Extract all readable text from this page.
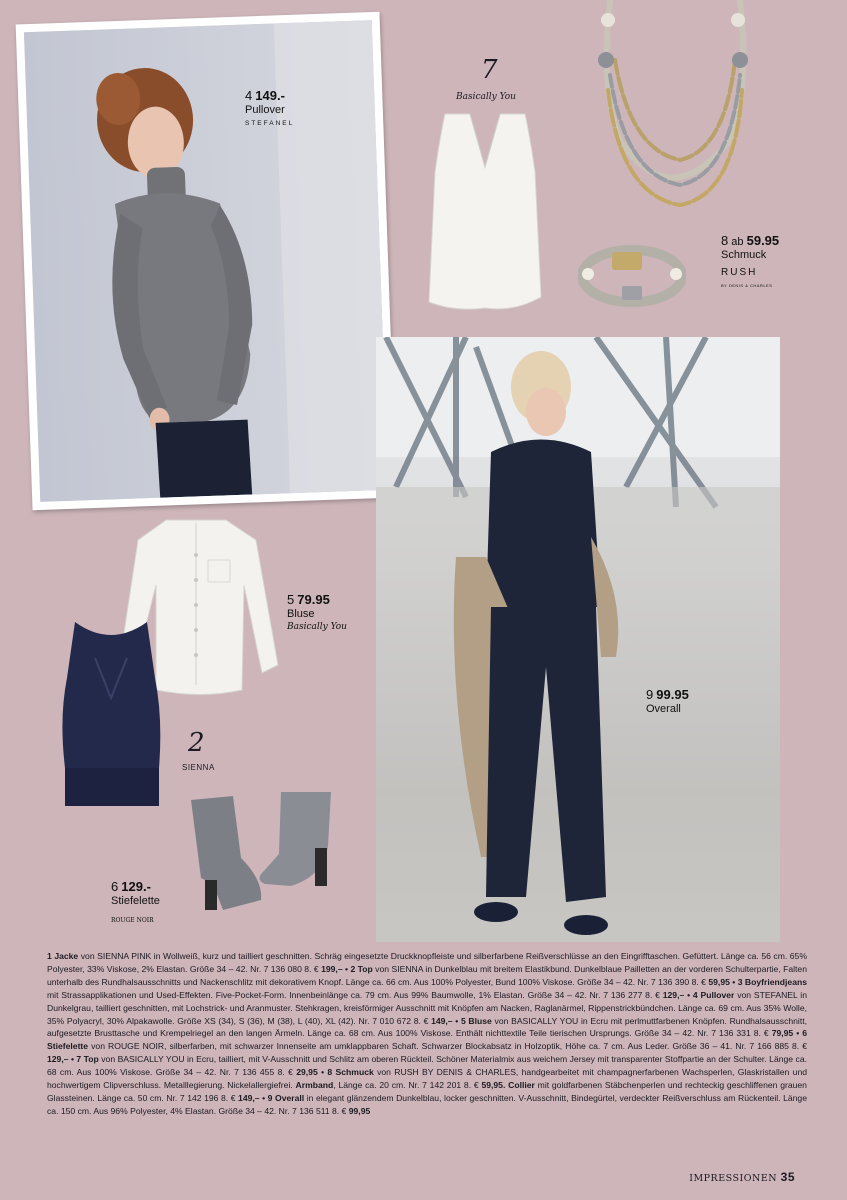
4 149.-
Pullover
STEFANEL
7
Basically You
8 ab 59.95
Schmuck
RUSH
BY DENIS & CHARLES
5 79.95
Bluse
Basically You
2
SIENNA
6 129.-
Stiefelette
ROUGE NOIR
9 99.95
Overall
1 Jacke von SIENNA PINK in Wollweiß, kurz und tailliert geschnitten. Schräg eingesetzte Druckknopfleiste und silberfarbene Reißverschlüsse an den Eingrifftaschen. Gefüttert. Länge ca. 56 cm. 65% Polyester, 33% Viskose, 2% Elastan. Größe 34 – 42. Nr. 7 136 080 8. € 199,– • 2 Top von SIENNA in Dunkelblau mit breitem Elastikbund. Dunkelblaue Pailletten an der vorderen Schulterpartie, Falten unterhalb des Rundhalsausschnitts und Nackenschlitz mit dekorativem Knopf. Länge ca. 66 cm. Aus 100% Polyester, Bund 100% Viskose. Größe 34 – 42. Nr. 7 136 390 8. € 59,95 • 3 Boyfriendjeans mit Strassapplikationen und Used-Effekten. Five-Pocket-Form. Innenbeinlänge ca. 79 cm. Aus 99% Baumwolle, 1% Elastan. Größe 34 – 42. Nr. 7 136 277 8. € 129,– • 4 Pullover von STEFANEL in Dunkelgrau, tailliert geschnitten, mit Lochstrick- und Aranmuster. Stehkragen, kreisförmiger Ausschnitt mit Knöpfen am Nacken, Raglanärmel, Rippenstrickbündchen. Länge ca. 69 cm. Aus 35% Wolle, 35% Polyacryl, 30% Alpakawolle. Größe XS (34), S (36), M (38), L (40), XL (42). Nr. 7 010 672 8. € 149,– • 5 Bluse von BASICALLY YOU in Ecru mit perlmuttfarbenen Knöpfen. Rundhalsausschnitt, aufgesetzte Brusttasche und Krempelriegel an den langen Ärmeln. Länge ca. 68 cm. Aus 100% Viskose. Enthält nichttextile Teile tierischen Ursprungs. Größe 34 – 42. Nr. 7 136 331 8. € 79,95 • 6 Stiefelette von ROUGE NOIR, silberfarben, mit schwarzer Innenseite am umklappbaren Schaft. Schwarzer Blockabsatz in Holzoptik, Höhe ca. 7 cm. Aus Leder. Größe 36 – 41. Nr. 7 166 885 8. € 129,– • 7 Top von BASICALLY YOU in Ecru, tailliert, mit V-Ausschnitt und Schlitz am oberen Rückteil. Schöner Materialmix aus weichem Jersey mit transparenter Stoffpartie an der Schulter. Länge ca. 68 cm. Aus 100% Viskose. Größe 34 – 42. Nr. 7 136 455 8. € 29,95 • 8 Schmuck von RUSH BY DENIS & CHARLES, handgearbeitet mit champagnerfarbenen Wachsperlen, Glaskristallen und hochwertigem Clipverschluss. Metalllegierung. Nickelallergiefrei. Armband, Länge ca. 20 cm. Nr. 7 142 201 8. € 59,95. Collier mit goldfarbenen Stäbchenperlen und rechteckig geschliffenen grauen Glassteinen. Länge ca. 50 cm. Nr. 7 142 196 8. € 149,– • 9 Overall in elegant glänzendem Dunkelblau, locker geschnitten. V-Ausschnitt, Bindegürtel, verdeckter Reißverschluss am Rückenteil. Länge ca. 150 cm. Aus 96% Polyester, 4% Elastan. Größe 34 – 42. Nr. 7 136 511 8. € 99,95
IMPRESSIONEN 35
